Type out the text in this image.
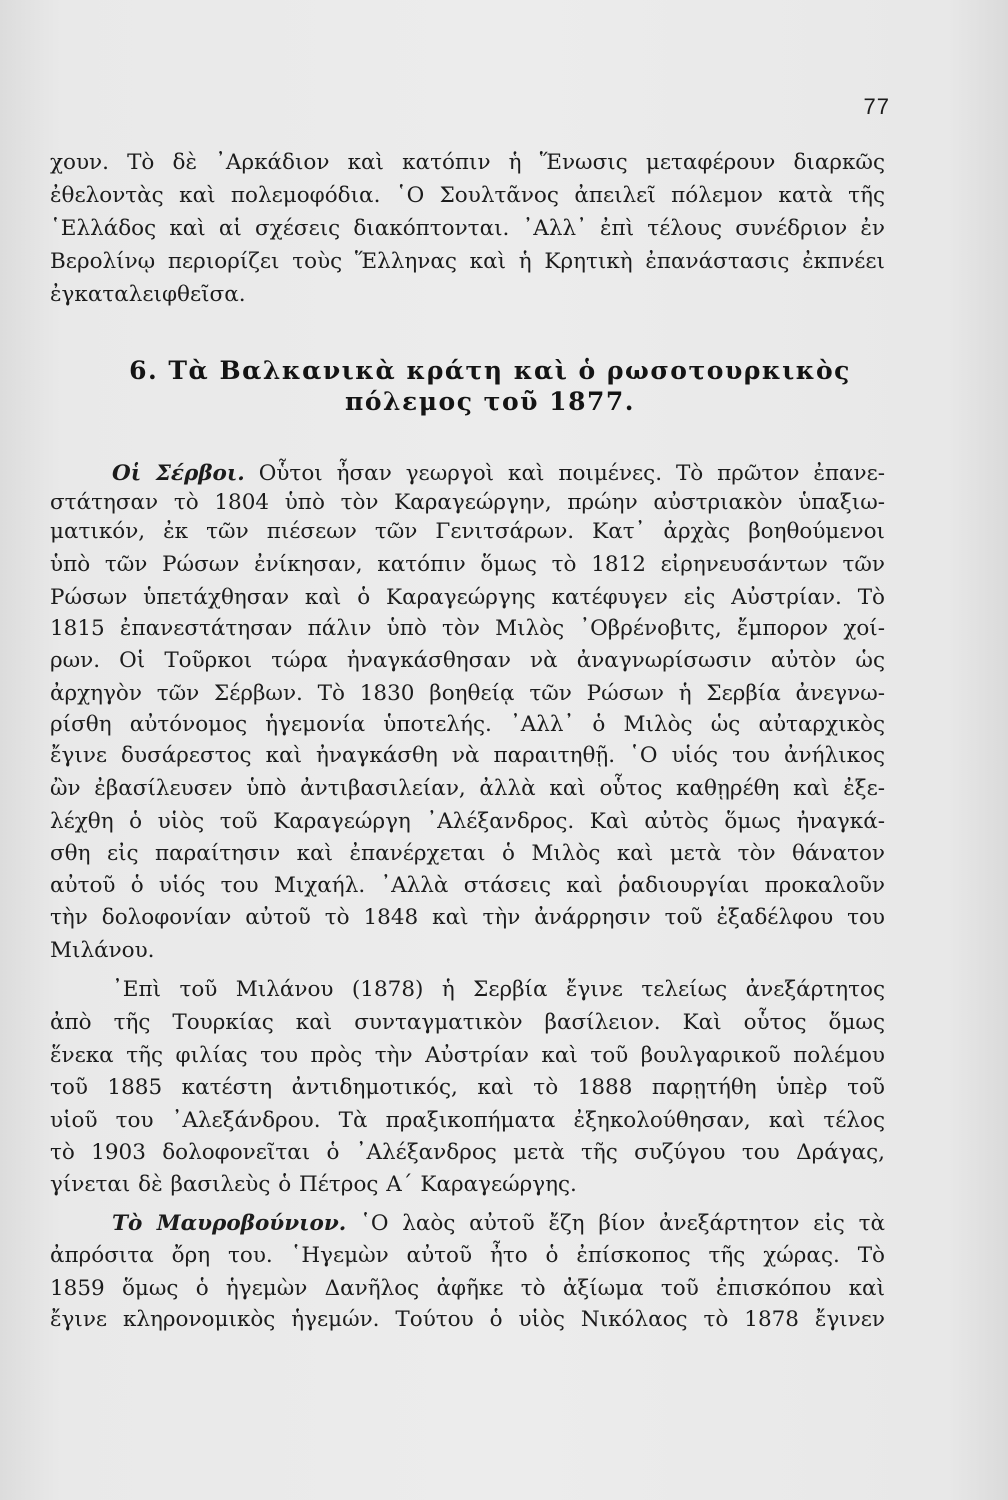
77
χουν. Τὸ δὲ ᾿Αρκάδιον καὶ κατόπιν ἡ Ἕνωσις μεταφέρουν διαρκῶς
ἐθελοντὰς καὶ πολεμοφόδια. ῾Ο Σουλτᾶνος ἀπειλεῖ πόλεμον κατὰ τῆς
῾Ελλάδος καὶ αἱ σχέσεις διακόπτονται. ᾿Αλλ᾿ ἐπὶ τέλους συνέδριον ἐν
Βερολίνῳ περιορίζει τοὺς Ἕλληνας καὶ ἡ Κρητικὴ ἐπανάστασις ἐκπνέει
ἐγκαταλειφθεῖσα.
6. Τὰ Βαλκανικὰ κράτη καὶ ὁ ρωσοτουρκικὸς
πόλεμος τοῦ 1877.
Οἱ Σέρβοι. Οὗτοι ἦσαν γεωργοὶ καὶ ποιμένες. Τὸ πρῶτον ἐπανε-
στάτησαν τὸ 1804 ὑπὸ τὸν Καραγεώργην, πρώην αὐστριακὸν ὑπαξιω-
ματικόν, ἐκ τῶν πιέσεων τῶν Γενιτσάρων. Κατ᾿ ἀρχὰς βοηθούμενοι
ὑπὸ τῶν Ρώσων ἐνίκησαν, κατόπιν ὅμως τὸ 1812 εἰρηνευσάντων τῶν
Ρώσων ὑπετάχθησαν καὶ ὁ Καραγεώργης κατέφυγεν εἰς Αὐστρίαν. Τὸ
1815 ἐπανεστάτησαν πάλιν ὑπὸ τὸν Μιλὸς ᾿Οβρένοβιτς, ἔμπορον χοί-
ρων. Οἱ Τοῦρκοι τώρα ἠναγκάσθησαν νὰ ἀναγνωρίσωσιν αὐτὸν ὡς
ἀρχηγὸν τῶν Σέρβων. Τὸ 1830 βοηθείᾳ τῶν Ρώσων ἡ Σερβία ἀνεγνω-
ρίσθη αὐτόνομος ἡγεμονία ὑποτελής. ᾿Αλλ᾿ ὁ Μιλὸς ὡς αὐταρχικὸς
ἔγινε δυσάρεστος καὶ ἠναγκάσθη νὰ παραιτηθῇ. ῾Ο υἱός του ἀνήλικος
ὢν ἐβασίλευσεν ὑπὸ ἀντιβασιλείαν, ἀλλὰ καὶ οὗτος καθῃρέθη καὶ ἐξε-
λέχθη ὁ υἱὸς τοῦ Καραγεώργη ᾿Αλέξανδρος. Καὶ αὐτὸς ὅμως ἠναγκά-
σθη εἰς παραίτησιν καὶ ἐπανέρχεται ὁ Μιλὸς καὶ μετὰ τὸν θάνατον
αὐτοῦ ὁ υἱός του Μιχαήλ. ᾿Αλλὰ στάσεις καὶ ῥαδιουργίαι προκαλοῦν
τὴν δολοφονίαν αὐτοῦ τὸ 1848 καὶ τὴν ἀνάρρησιν τοῦ ἐξαδέλφου του
Μιλάνου.
᾿Επὶ τοῦ Μιλάνου (1878) ἡ Σερβία ἔγινε τελείως ἀνεξάρτητος
ἀπὸ τῆς Τουρκίας καὶ συνταγματικὸν βασίλειον. Καὶ οὗτος ὅμως
ἕνεκα τῆς φιλίας του πρὸς τὴν Αὐστρίαν καὶ τοῦ βουλγαρικοῦ πολέμου
τοῦ 1885 κατέστη ἀντιδημοτικός, καὶ τὸ 1888 παρῃτήθη ὑπὲρ τοῦ
υἱοῦ του ᾿Αλεξάνδρου. Τὰ πραξικοπήματα ἐξηκολούθησαν, καὶ τέλος
τὸ 1903 δολοφονεῖται ὁ ᾿Αλέξανδρος μετὰ τῆς συζύγου του Δράγας,
γίνεται δὲ βασιλεὺς ὁ Πέτρος Α΄ Καραγεώργης.
Τὸ Μαυροβούνιον. ῾Ο λαὸς αὐτοῦ ἔζη βίον ἀνεξάρτητον εἰς τὰ
ἀπρόσιτα ὄρη του. ῾Ηγεμὼν αὐτοῦ ἦτο ὁ ἐπίσκοπος τῆς χώρας. Τὸ
1859 ὅμως ὁ ἡγεμὼν Δανῆλος ἀφῆκε τὸ ἀξίωμα τοῦ ἐπισκόπου καὶ
ἔγινε κληρονομικὸς ἡγεμών. Τούτου ὁ υἱὸς Νικόλαος τὸ 1878 ἔγινεν
